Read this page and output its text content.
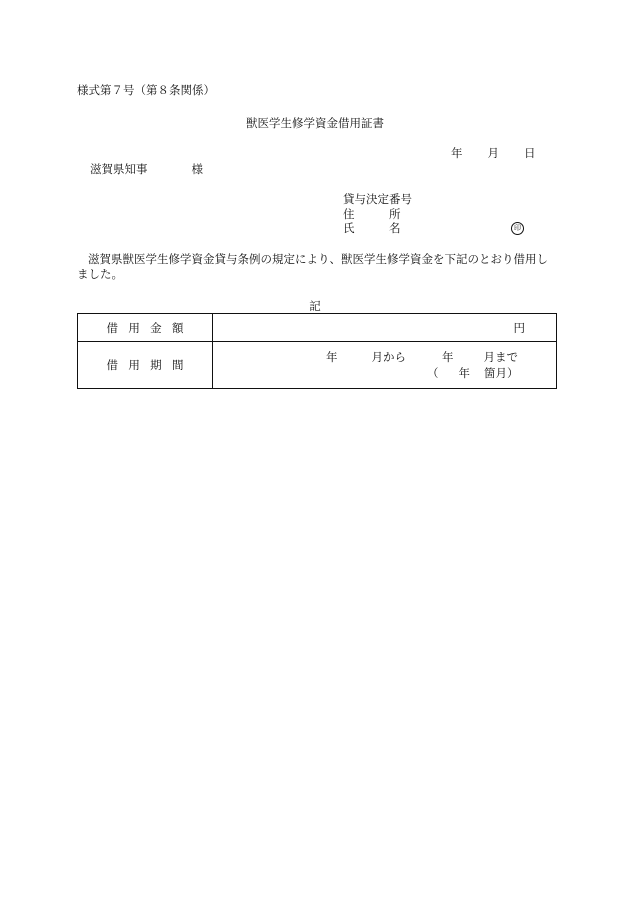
様式第７号（第８条関係）
獣医学生修学資金借用証書
年 月 日
滋賀県知事	様
貸与決定番号
住　　　所
氏　　　名	印
滋賀県獣医学生修学資金貸与条例の規定により、獣医学生修学資金を下記のとおり借用しました。
記
借用金額	円
借用期間	年 月から 年 月まで
（ 年 箇月）
